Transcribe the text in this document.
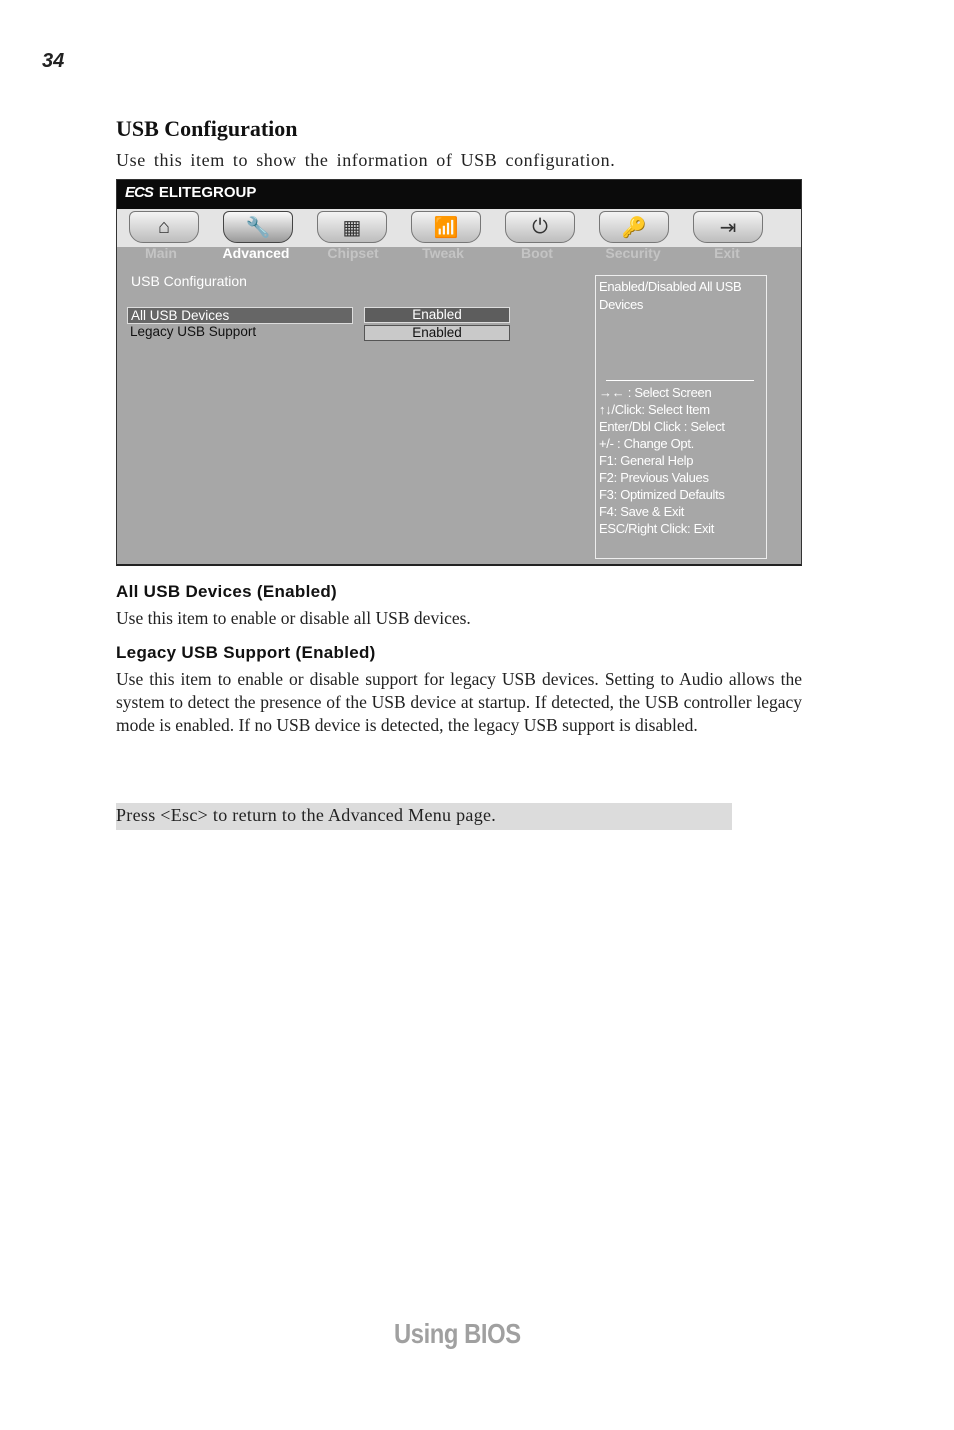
34
USB Configuration
Use this item to show the information of USB configuration.
ECS ELITEGROUP
⌂	🔧	▦	📶	⏻	🔑	⇥
Main	Advanced	Chipset	Tweak	Boot	Security	Exit
USB Configuration
All USB Devices	Enabled
Legacy USB Support	Enabled
Enabled/Disabled All USB Devices
→← : Select Screen
↑↓/Click: Select Item
Enter/Dbl Click : Select
+/- : Change Opt.
F1: General Help
F2: Previous Values
F3: Optimized Defaults
F4: Save & Exit
ESC/Right Click: Exit
All USB Devices (Enabled)
Use this item to enable or disable all USB devices.
Legacy USB Support (Enabled)
Use this item to enable or disable support for legacy USB devices. Setting to Audio allows the system to detect the presence of the USB device at startup. If detected, the USB controller legacy mode is enabled. If no USB device is detected, the legacy USB support is disabled.
Press <Esc> to return to the Advanced Menu page.
Using BIOS
